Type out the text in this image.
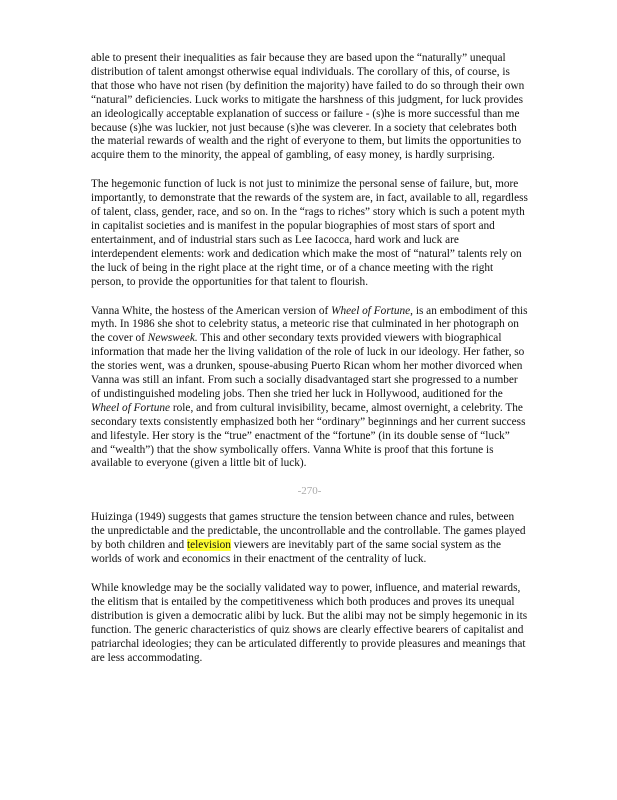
able to present their inequalities as fair because they are based upon the “naturally” unequal distribution of talent amongst otherwise equal individuals. The corollary of this, of course, is that those who have not risen (by definition the majority) have failed to do so through their own “natural” deficiencies. Luck works to mitigate the harshness of this judgment, for luck provides an ideologically acceptable explanation of success or failure - (s)he is more successful than me because (s)he was luckier, not just because (s)he was cleverer. In a society that celebrates both the material rewards of wealth and the right of everyone to them, but limits the opportunities to acquire them to the minority, the appeal of gambling, of easy money, is hardly surprising.

The hegemonic function of luck is not just to minimize the personal sense of failure, but, more importantly, to demonstrate that the rewards of the system are, in fact, available to all, regardless of talent, class, gender, race, and so on. In the “rags to riches” story which is such a potent myth in capitalist societies and is manifest in the popular biographies of most stars of sport and entertainment, and of industrial stars such as Lee Iacocca, hard work and luck are interdependent elements: work and dedication which make the most of “natural” talents rely on the luck of being in the right place at the right time, or of a chance meeting with the right person, to provide the opportunities for that talent to flourish.

Vanna White, the hostess of the American version of Wheel of Fortune, is an embodiment of this myth. In 1986 she shot to celebrity status, a meteoric rise that culminated in her photograph on the cover of Newsweek. This and other secondary texts provided viewers with biographical information that made her the living validation of the role of luck in our ideology. Her father, so the stories went, was a drunken, spouse-abusing Puerto Rican whom her mother divorced when Vanna was still an infant. From such a socially disadvantaged start she progressed to a number of undistinguished modeling jobs. Then she tried her luck in Hollywood, auditioned for the Wheel of Fortune role, and from cultural invisibility, became, almost overnight, a celebrity. The secondary texts consistently emphasized both her “ordinary” beginnings and her current success and lifestyle. Her story is the “true” enactment of the “fortune” (in its double sense of “luck” and “wealth”) that the show symbolically offers. Vanna White is proof that this fortune is available to everyone (given a little bit of luck).

-270-

Huizinga (1949) suggests that games structure the tension between chance and rules, between the unpredictable and the predictable, the uncontrollable and the controllable. The games played by both children and television viewers are inevitably part of the same social system as the worlds of work and economics in their enactment of the centrality of luck.

While knowledge may be the socially validated way to power, influence, and material rewards, the elitism that is entailed by the competitiveness which both produces and proves its unequal distribution is given a democratic alibi by luck. But the alibi may not be simply hegemonic in its function. The generic characteristics of quiz shows are clearly effective bearers of capitalist and patriarchal ideologies; they can be articulated differently to provide pleasures and meanings that are less accommodating.
